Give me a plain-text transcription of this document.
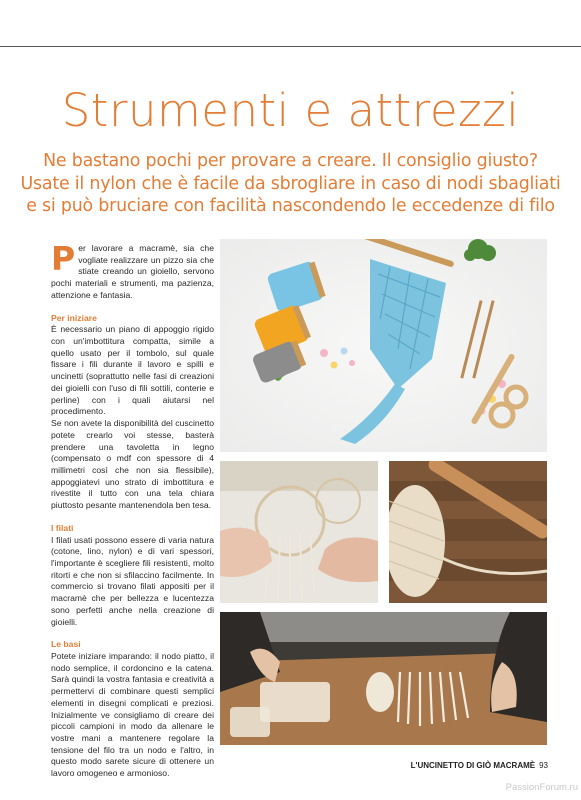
Strumenti e attrezzi
Ne bastano pochi per provare a creare. Il consiglio giusto?
Usate il nylon che è facile da sbrogliare in caso di nodi sbagliati
e si può bruciare con facilità nascondendo le eccedenze di filo

Per lavorare a macramè, sia che vogliate realizzare un pizzo sia che stiate creando un gioiello, servono pochi materiali e strumenti, ma pazienza, attenzione e fantasia.

Per iniziare

È necessario un piano di appoggio rigido con un'imbottitura compatta, simile a quello usato per il tombolo, sul quale fissare i fili durante il lavoro e spilli e uncinetti (soprattutto nelle fasi di creazioni dei gioielli con l'uso di fili sottili, conterie e perline) con i quali aiutarsi nel procedimento.

Se non avete la disponibilità del cuscinetto potete crearlo voi stesse, basterà prendere una tavoletta in legno (compensato o mdf con spessore di 4 millimetri così che non sia flessibile), appoggiatevi uno strato di imbottitura e rivestite il tutto con una tela chiara piuttosto pesante mantenendola ben tesa.

I filati

I filati usati possono essere di varia natura (cotone, lino, nylon) e di vari spessori, l'importante è scegliere fili resistenti, molto ritorti e che non si sfilaccino facilmente. In commercio si trovano filati appositi per il macramè che per bellezza e lucentezza sono perfetti anche nella creazione di gioielli.

Le basi

Potete iniziare imparando: il nodo piatto, il nodo semplice, il cordoncino e la catena. Sarà quindi la vostra fantasia e creatività a permettervi di combinare questi semplici elementi in disegni complicati e preziosi. Inizialmente ve consigliamo di creare dei piccoli campioni in modo da allenare le vostre mani a mantenere regolare la tensione del filo tra un nodo e l'altro, in questo modo sarete sicure di ottenere un lavoro omogeneo e armonioso.

L'UNCINETTO DI GIÒ MACRAMÈ 93
PassionForum.ru
